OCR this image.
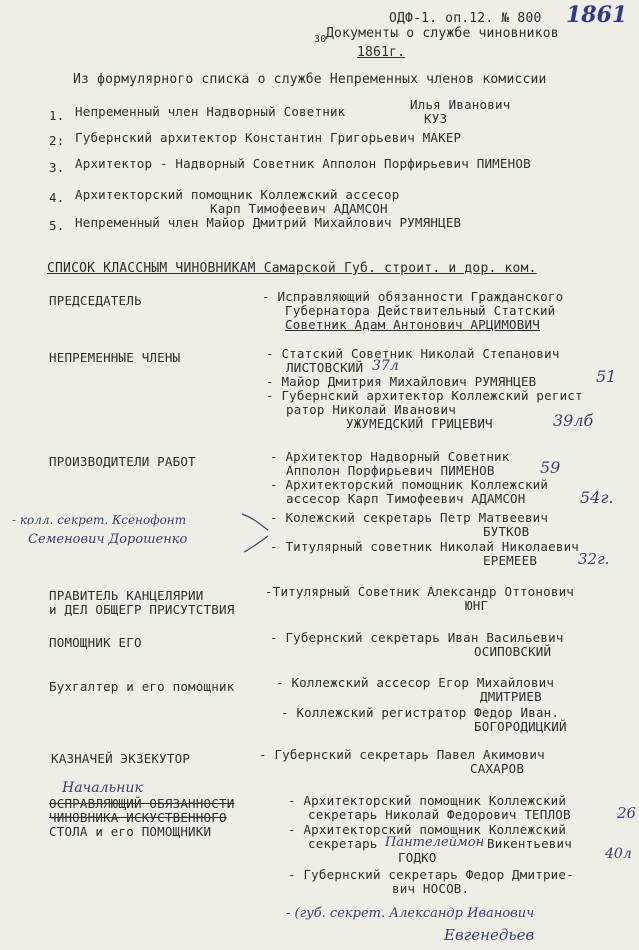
ОДФ-1. оп.12. № 800 1861
30 Документы о службе чиновников
1861г.
Из формулярного списка о службе Непременных членов комиссии
1. Непременный член Надворный Советник	Илья Иванович
КУЗ
2: Губернский архитектор Константин Григорьевич МАКЕР
3. Архитектор - Надворный Советник Апполон Порфирьевич ПИМЕНОВ
4. Архитекторский помощник Коллежский ассесор
Карп Тимофеевич АДАМСОН
5. Непременный член Майор Дмитрий Михайлович РУМЯНЦЕВ
СПИСОК КЛАССНЫМ ЧИНОВНИКАМ Самарской Губ. строит. и дор. ком.
ПРЕДСЕДАТЕЛЬ	- Исправляющий обязанности Гражданского
Губернатора Действительный Статский
Советник Адам Антонович АРЦИМОВИЧ
НЕПРЕМЕННЫЕ ЧЛЕНЫ	- Статский Советник Николай Степанович
ЛИСТОВСКИЙ 37л
- Майор Дмитрия Михайлович РУМЯНЦЕВ	51
- Губернский архитектор Коллежский регист
ратор Николай Иванович
УЖУМЕДСКИЙ ГРИЦЕВИЧ	39лб
ПРОИЗВОДИТЕЛИ РАБОТ	- Архитектор Надворный Советник
Апполон Порфирьевич ПИМЕНОВ	59
- Архитекторский помощник Коллежский
ассесор Карп Тимофеевич АДАМСОН	54г.
- колл. секрет. Ксенофонт
Семенович Дорошенко
- Колежский секретарь Петр Матвеевич
БУТКОВ
- Титулярный советник Николай Николаевич
ЕРЕМЕЕВ	32г.
ПРАВИТЕЛЬ КАНЦЕЛЯРИИ
и ДЕЛ ОБЩЕГР ПРИСУТСТВИЯ
-Титулярный Советник Александр Оттонович
ЮНГ
ПОМОЩНИК ЕГО	- Губернский секретарь Иван Васильевич
ОСИПОВСКИЙ
Бухгалтер и его помощник	- Коллежский ассесор Егор Михайлович
ДМИТРИЕВ
- Коллежский регистратор Федор Иван.
БОГОРОДИЦКИЙ
КАЗНАЧЕЙ ЭКЗЕКУТОР	- Губернский секретарь Павел Акимович
САХАРОВ
Начальник
ОСПРАВЛЯЮЩИЙ ОБЯЗАННОСТИ
ЧИНОВНИКА ИСКУСТВЕННОГО
СТОЛА и его ПОМОЩНИКИ
- Архитекторский помощник Коллежский
секретарь Николай Федорович ТЕПЛОВ	26
- Архитекторский помощник Коллежский
секретарь Пантелеймон Викентьевич
ГОДКО	40л
- Губернский секретарь Федор Дмитрие-
вич НОСОВ.
- (губ. секрет. Александр Иванович
Евгенедьев
